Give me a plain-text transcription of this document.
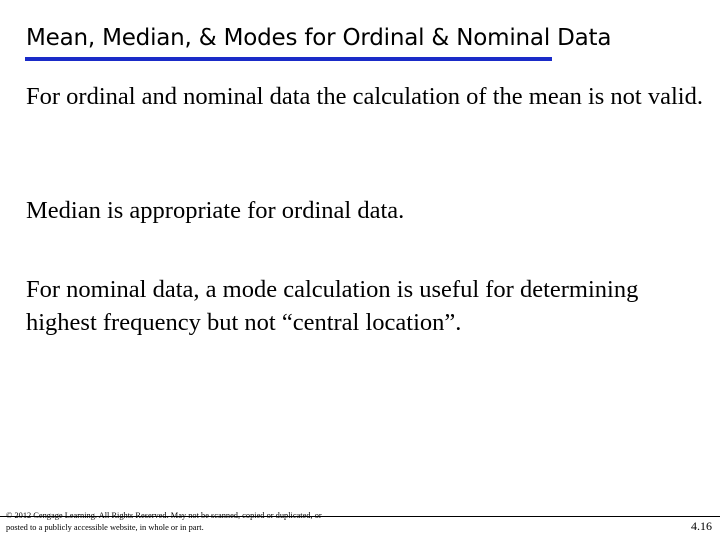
Mean, Median, & Modes for Ordinal & Nominal Data

For ordinal and nominal data the calculation of the mean is not valid.

Median is appropriate for ordinal data.

For nominal data, a mode calculation is useful for determining highest frequency but not “central location”.

© 2012 Cengage Learning. All Rights Reserved. May not be scanned, copied or duplicated, or posted to a publicly accessible website, in whole or in part.	4.16
